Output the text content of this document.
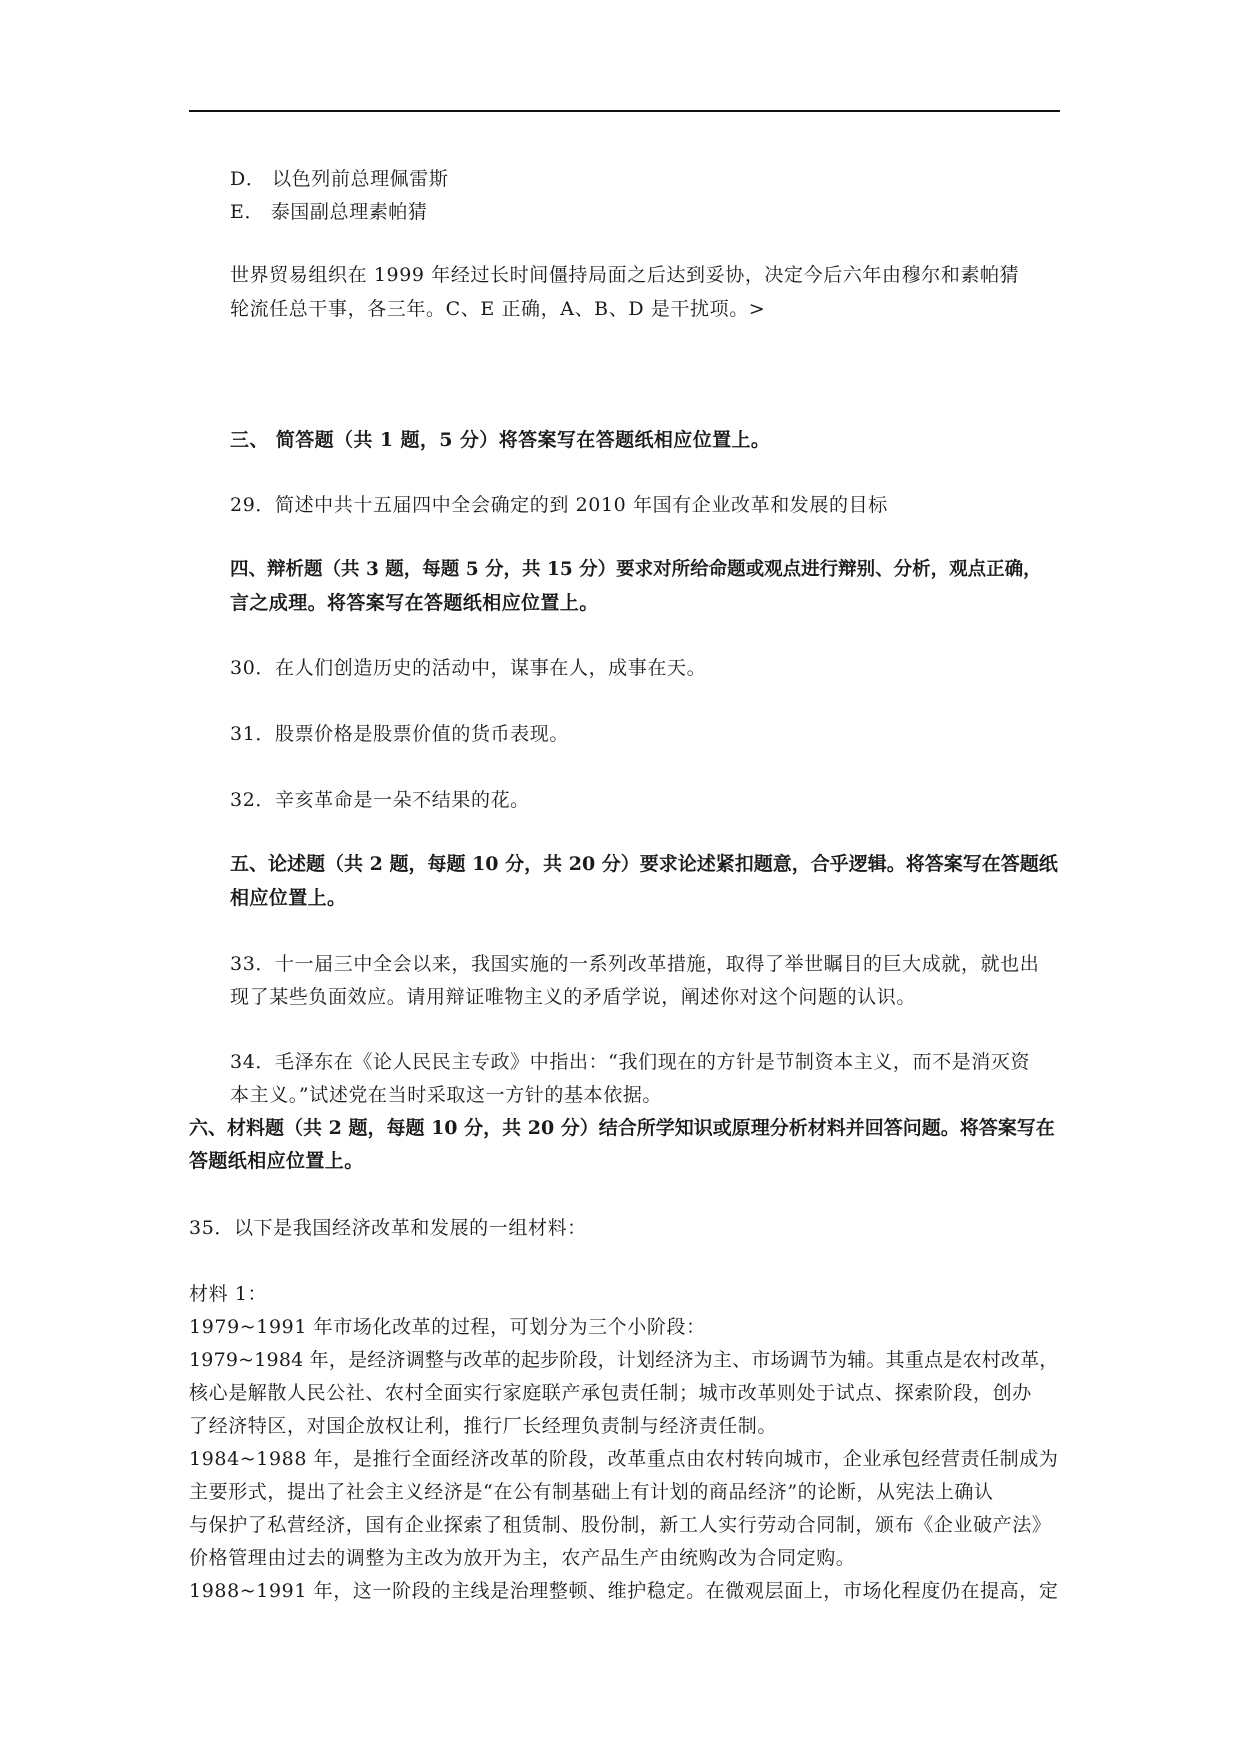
D． 以色列前总理佩雷斯
E． 泰国副总理素帕猜
世界贸易组织在 1999 年经过长时间僵持局面之后达到妥协，决定今后六年由穆尔和素帕猜
轮流任总干事，各三年。C、E 正确，A、B、D 是干扰项。>
三、 简答题（共 1 题，5 分）将答案写在答题纸相应位置上。
29．简述中共十五届四中全会确定的到 2010 年国有企业改革和发展的目标
四、辩析题（共 3 题，每题 5 分，共 15 分）要求对所给命题或观点进行辩别、分析，观点正确，
言之成理。将答案写在答题纸相应位置上。
30．在人们创造历史的活动中，谋事在人，成事在天。
31．股票价格是股票价值的货币表现。
32．辛亥革命是一朵不结果的花。
五、论述题（共 2 题，每题 10 分，共 20 分）要求论述紧扣题意，合乎逻辑。将答案写在答题纸
相应位置上。
33．十一届三中全会以来，我国实施的一系列改革措施，取得了举世瞩目的巨大成就，就也出
现了某些负面效应。请用辩证唯物主义的矛盾学说，阐述你对这个问题的认识。
34．毛泽东在《论人民民主专政》中指出：“我们现在的方针是节制资本主义，而不是消灭资
本主义。”试述党在当时采取这一方针的基本依据。
六、材料题（共 2 题，每题 10 分，共 20 分）结合所学知识或原理分析材料并回答问题。将答案写在
答题纸相应位置上。
35．以下是我国经济改革和发展的一组材料：
材料 1：
1979~1991 年市场化改革的过程，可划分为三个小阶段：
1979~1984 年，是经济调整与改革的起步阶段，计划经济为主、市场调节为辅。其重点是农村改革，
核心是解散人民公社、农村全面实行家庭联产承包责任制；城市改革则处于试点、探索阶段，创办
了经济特区，对国企放权让利，推行厂长经理负责制与经济责任制。
1984~1988 年，是推行全面经济改革的阶段，改革重点由农村转向城市，企业承包经营责任制成为
主要形式，提出了社会主义经济是“在公有制基础上有计划的商品经济”的论断，从宪法上确认
与保护了私营经济，国有企业探索了租赁制、股份制，新工人实行劳动合同制，颁布《企业破产法》
价格管理由过去的调整为主改为放开为主，农产品生产由统购改为合同定购。
1988~1991 年，这一阶段的主线是治理整顿、维护稳定。在微观层面上，市场化程度仍在提高，定
